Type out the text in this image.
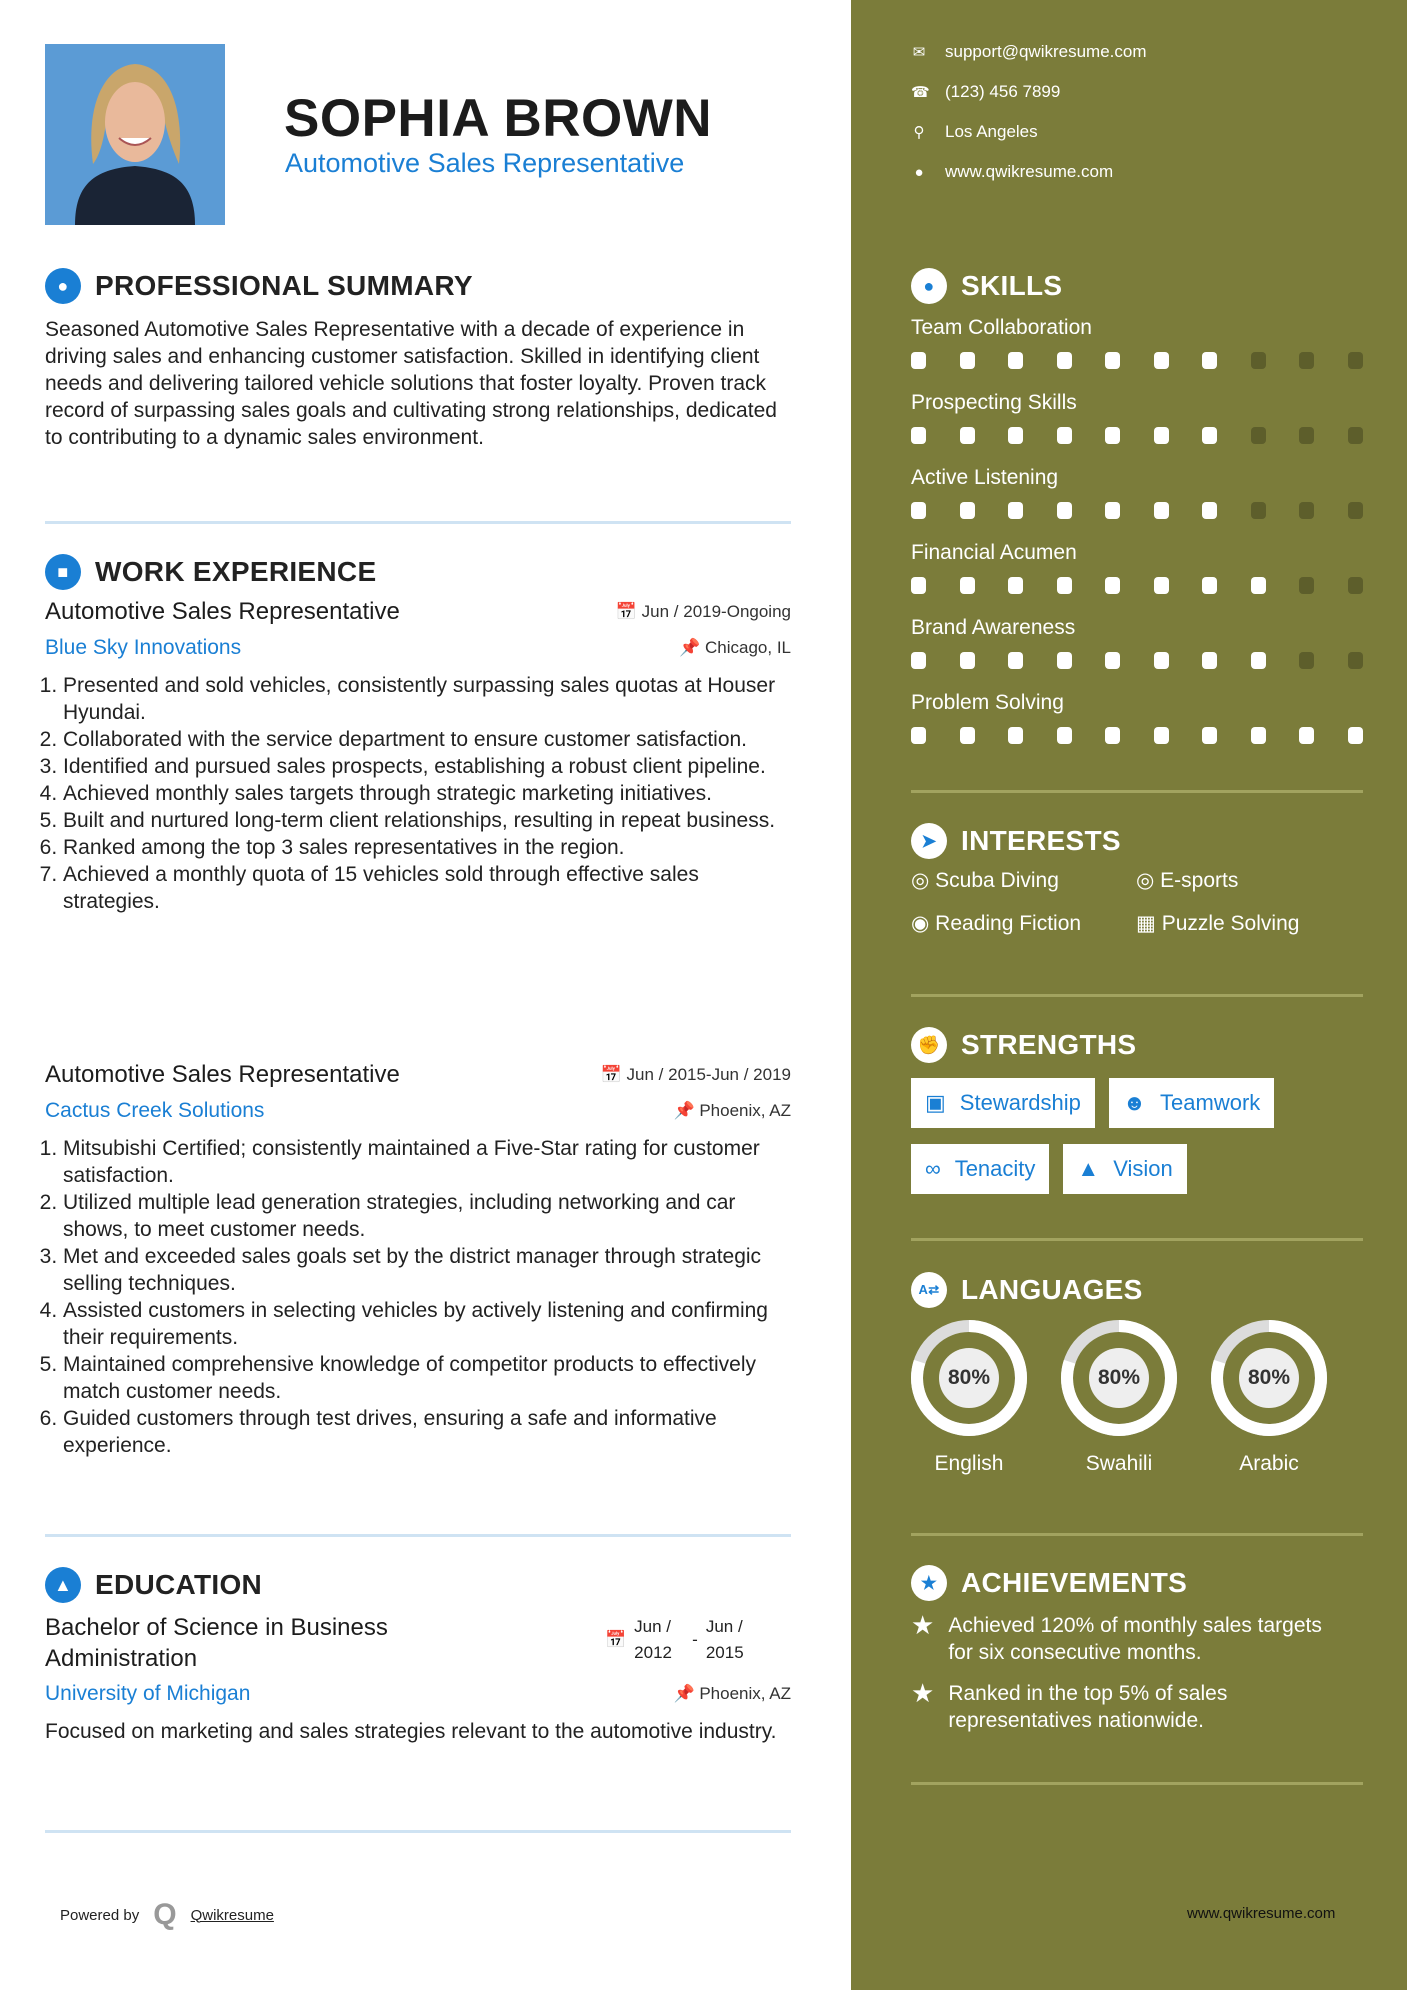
SOPHIA BROWN
Automotive Sales Representative
● PROFESSIONAL SUMMARY
Seasoned Automotive Sales Representative with a decade of experience in driving sales and enhancing customer satisfaction. Skilled in identifying client needs and delivering tailored vehicle solutions that foster loyalty. Proven track record of surpassing sales goals and cultivating strong relationships, dedicated to contributing to a dynamic sales environment.
■ WORK EXPERIENCE
Automotive Sales Representative	📅 Jun / 2019-Ongoing
Blue Sky Innovations	📌 Chicago, IL
1. Presented and sold vehicles, consistently surpassing sales quotas at Houser Hyundai.
2. Collaborated with the service department to ensure customer satisfaction.
3. Identified and pursued sales prospects, establishing a robust client pipeline.
4. Achieved monthly sales targets through strategic marketing initiatives.
5. Built and nurtured long-term client relationships, resulting in repeat business.
6. Ranked among the top 3 sales representatives in the region.
7. Achieved a monthly quota of 15 vehicles sold through effective sales strategies.
Automotive Sales Representative	📅 Jun / 2015-Jun / 2019
Cactus Creek Solutions	📌 Phoenix, AZ
1. Mitsubishi Certified; consistently maintained a Five-Star rating for customer satisfaction.
2. Utilized multiple lead generation strategies, including networking and car shows, to meet customer needs.
3. Met and exceeded sales goals set by the district manager through strategic selling techniques.
4. Assisted customers in selecting vehicles by actively listening and confirming their requirements.
5. Maintained comprehensive knowledge of competitor products to effectively match customer needs.
6. Guided customers through test drives, ensuring a safe and informative experience.
▲ EDUCATION
Bachelor of Science in Business Administration
📅
Jun / 2012
-
Jun / 2015
University of Michigan	📌 Phoenix, AZ
Focused on marketing and sales strategies relevant to the automotive industry.
Powered by Q Qwikresume
✉ support@qwikresume.com
☎ (123) 456 7899
⚲ Los Angeles
● www.qwikresume.com
● SKILLS
Team Collaboration
Prospecting Skills
Active Listening
Financial Acumen
Brand Awareness
Problem Solving
➤ INTERESTS
◎ Scuba Diving	◎ E-sports
◉ Reading Fiction	▦ Puzzle Solving
✊ STRENGTHS
▣ Stewardship ☻ Teamwork
∞ Tenacity ▲ Vision
A⇄ LANGUAGES
80%
English
80%
Swahili
80%
Arabic
★ ACHIEVEMENTS
★ Achieved 120% of monthly sales targets for six consecutive months.
★ Ranked in the top 5% of sales representatives nationwide.
www.qwikresume.com
